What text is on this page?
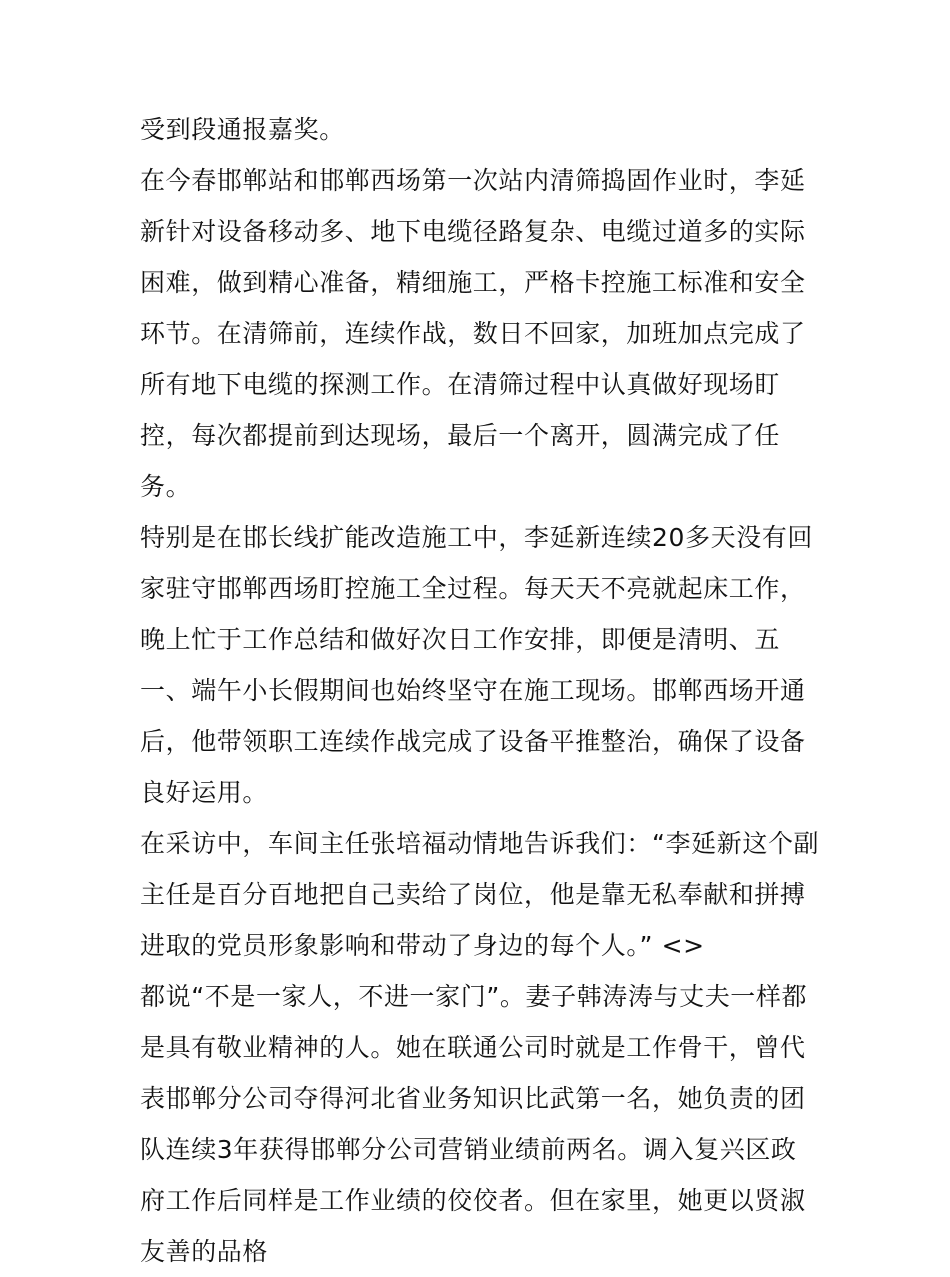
受到段通报嘉奖。

在今春邯郸站和邯郸西场第一次站内清筛捣固作业时，李延新针对设备移动多、地下电缆径路复杂、电缆过道多的实际困难，做到精心准备，精细施工，严格卡控施工标准和安全环节。在清筛前，连续作战，数日不回家，加班加点完成了所有地下电缆的探测工作。在清筛过程中认真做好现场盯控，每次都提前到达现场，最后一个离开，圆满完成了任务。

特别是在邯长线扩能改造施工中，李延新连续20多天没有回家驻守邯郸西场盯控施工全过程。每天天不亮就起床工作，晚上忙于工作总结和做好次日工作安排，即便是清明、五一、端午小长假期间也始终坚守在施工现场。邯郸西场开通后，他带领职工连续作战完成了设备平推整治，确保了设备良好运用。

在采访中，车间主任张培福动情地告诉我们：“李延新这个副主任是百分百地把自己卖给了岗位，他是靠无私奉献和拼搏进取的党员形象影响和带动了身边的每个人。” <>

都说“不是一家人，不进一家门”。妻子韩涛涛与丈夫一样都是具有敬业精神的人。她在联通公司时就是工作骨干，曾代表邯郸分公司夺得河北省业务知识比武第一名，她负责的团队连续3年获得邯郸分公司营销业绩前两名。调入复兴区政府工作后同样是工作业绩的佼佼者。但在家里，她更以贤淑友善的品格
